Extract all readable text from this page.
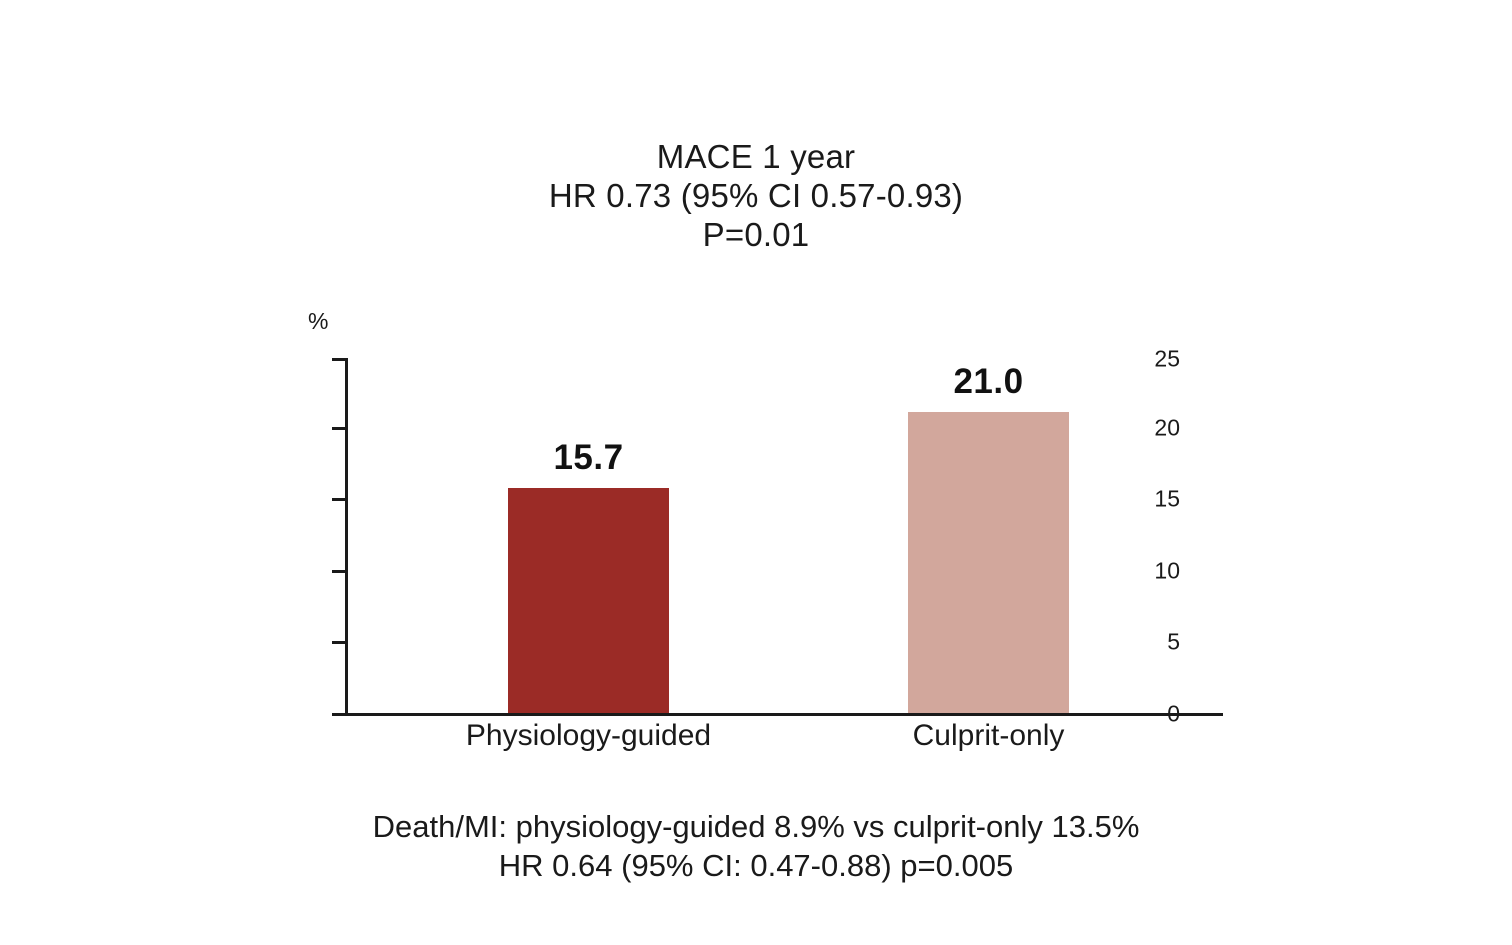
MACE 1 year
HR 0.73 (95% CI 0.57-0.93)
P=0.01
%
0
5
10
15
20
25
15.7
Physiology-guided
21.0
Culprit-only
Death/MI: physiology-guided 8.9% vs culprit-only 13.5%
HR 0.64 (95% CI: 0.47-0.88) p=0.005
